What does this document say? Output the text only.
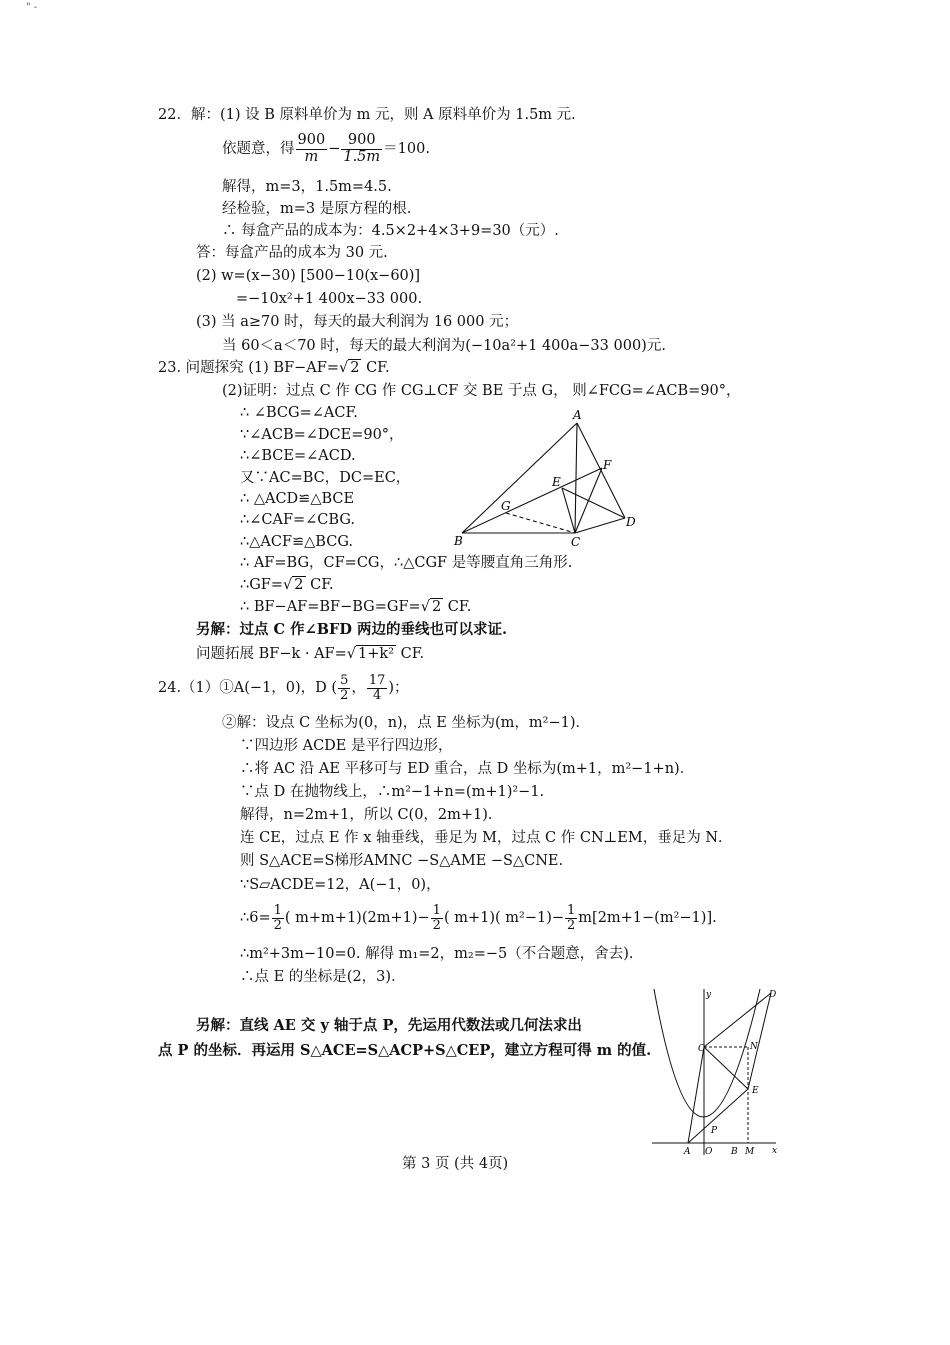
" -
22．解：(1) 设 B 原料单价为 m 元，则 A 原料单价为 1.5m 元.
依题意，得 $\frac{900}{m} - \frac{900}{1.5m} =100$.
解得，m=3，1.5m=4.5.
经检验，m=3 是原方程的根.
∴ 每盒产品的成本为：4.5×2+4×3+9=30（元）.
答：每盒产品的成本为 30 元.
(2) w=(x−30) [500−10(x−60)]
=−10x²+1 400x−33 000.
(3) 当 a≥70 时，每天的最大利润为 16 000 元；
当 60＜a＜70 时，每天的最大利润为(−10a²+1 400a−33 000)元.
23. 问题探究 (1) BF−AF=√ 2 CF.
(2)证明：过点 C 作 CG 作 CG⊥CF 交 BE 于点 G， 则∠FCG=∠ACB=90°，
∴ ∠BCG=∠ACF.
∵∠ACB=∠DCE=90°，
∴∠BCE=∠ACD.
又∵AC=BC，DC=EC，
∴ △ACD≌△BCE
∴∠CAF=∠CBG.
∴△ACF≌△BCG.
∴ AF=BG，CF=CG，∴△CGF 是等腰直角三角形.
∴GF=√ 2 CF.
∴ BF−AF=BF−BG=GF=√ 2 CF.
另解：过点 C 作∠BFD 两边的垂线也可以求证.
问题拓展 BF−k · AF=√ 1+k² CF.
A
B	C
D
E
F
G
24.（1）①A(−1，0)，D ( $\frac{5}{2}$ ， $\frac{17}{4}$ )；
②解：设点 C 坐标为(0，n)，点 E 坐标为(m，m²−1)．
∵四边形 ACDE 是平行四边形，
∴将 AC 沿 AE 平移可与 ED 重合，点 D 坐标为(m+1，m²−1+n)．
∵点 D 在抛物线上，∴m²−1+n=(m+1)²−1.
解得，n=2m+1，所以 C(0，2m+1)．
连 CE，过点 E 作 x 轴垂线，垂足为 M，过点 C 作 CN⊥EM，垂足为 N．
则 S△ACE=S梯形AMNC −S△AME −S△CNE.
∵S▱ACDE=12，A(−1，0)，
∴6= $\frac{1}{2}$ ( $m+m+1)(2m+1)- \frac{1}{2}$ ( m+1)( $m^2-1)- \frac{1}{2} m[2m+1-(m^2-1)]$.
∴m²+3m−10=0. 解得 m₁=2，m₂=−5（不合题意，舍去).
∴点 E 的坐标是(2，3)．
另解：直线 AE 交 y 轴于点 P，先运用代数法或几何法求出
点 P 的坐标．再运用 S△ACE=S△ACP+S△CEP，建立方程可得 m 的值.
y
x
D
C	N
E
P
A O B M
第 3 页 (共 4页)
